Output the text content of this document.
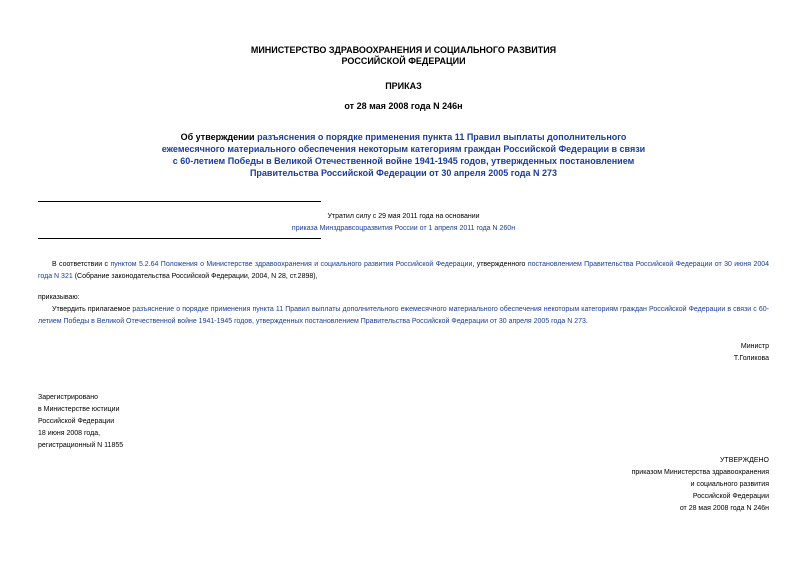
МИНИСТЕРСТВО ЗДРАВООХРАНЕНИЯ И СОЦИАЛЬНОГО РАЗВИТИЯ
РОССИЙСКОЙ ФЕДЕРАЦИИ
ПРИКАЗ
от 28 мая 2008 года N 246н
Об утверждении разъяснения о порядке применения пункта 11 Правил выплаты дополнительного ежемесячного материального обеспечения некоторым категориям граждан Российской Федерации в связи с 60-летием Победы в Великой Отечественной войне 1941-1945 годов, утвержденных постановлением Правительства Российской Федерации от 30 апреля 2005 года N 273
Утратил силу с 29 мая 2011 года на основании
приказа Минздравсоцразвития России от 1 апреля 2011 года N 260н
В соответствии с пунктом 5.2.64 Положения о Министерстве здравоохранения и социального развития Российской Федерации, утвержденного постановлением Правительства Российской Федерации от 30 июня 2004 года N 321 (Собрание законодательства Российской Федерации, 2004, N 28, ст.2898),
приказываю:
Утвердить прилагаемое разъяснение о порядке применения пункта 11 Правил выплаты дополнительного ежемесячного материального обеспечения некоторым категориям граждан Российской Федерации в связи с 60-летием Победы в Великой Отечественной войне 1941-1945 годов, утвержденных постановлением Правительства Российской Федерации от 30 апреля 2005 года N 273.
Министр
Т.Голикова
Зарегистрировано
в Министерстве юстиции
Российской Федерации
18 июня 2008 года,
регистрационный N 11855
УТВЕРЖДЕНО
приказом Министерства здравоохранения
и социального развития
Российской Федерации
от 28 мая 2008 года N 246н
